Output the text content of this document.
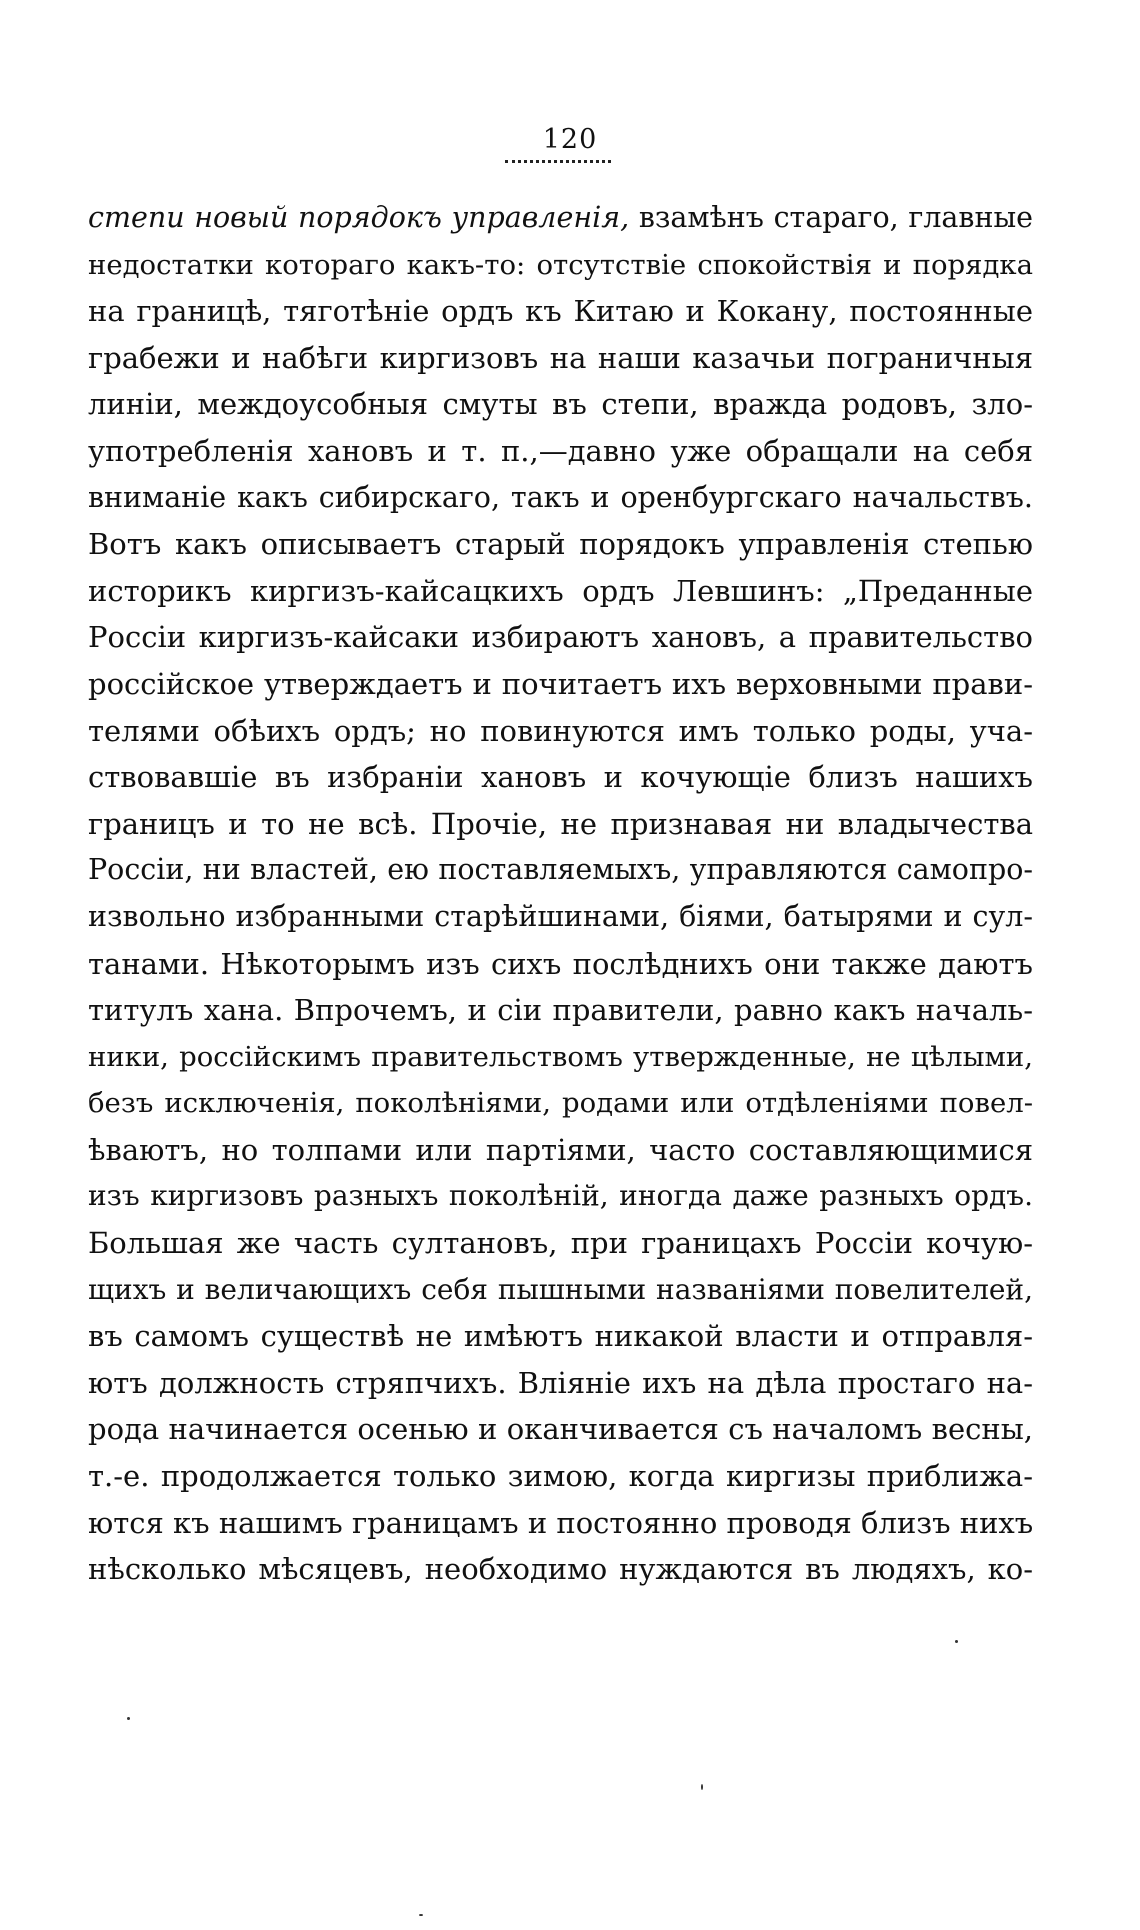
120
степи новый порядокъ управленія, взамѣнъ стараго, главные
недостатки котораго какъ-то: отсутствіе спокойствія и порядка
на границѣ, тяготѣніе ордъ къ Китаю и Кокану, постоянные
грабежи и набѣги киргизовъ на наши казачьи пограничныя
линіи, междоусобныя смуты въ степи, вражда родовъ, зло-
употребленія хановъ и т. п.,—давно уже обращали на себя
вниманіе какъ сибирскаго, такъ и оренбургскаго начальствъ.
Вотъ какъ описываетъ старый порядокъ управленія степью
историкъ киргизъ-кайсацкихъ ордъ Левшинъ: „Преданные
Россіи киргизъ-кайсаки избираютъ хановъ, а правительство
россійское утверждаетъ и почитаетъ ихъ верховными прави-
телями обѣихъ ордъ; но повинуются имъ только роды, уча-
ствовавшіе въ избраніи хановъ и кочующіе близъ нашихъ
границъ и то не всѣ. Прочіе, не признавая ни владычества
Россіи, ни властей, ею поставляемыхъ, управляются самопро-
извольно избранными старѣйшинами, біями, батырями и сул-
танами. Нѣкоторымъ изъ сихъ послѣднихъ они также даютъ
титулъ хана. Впрочемъ, и сіи правители, равно какъ началь-
ники, россійскимъ правительствомъ утвержденные, не цѣлыми,
безъ исключенія, поколѣніями, родами или отдѣленіями повел-
ѣваютъ, но толпами или партіями, часто составляющимися
изъ киргизовъ разныхъ поколѣній, иногда даже разныхъ ордъ.
Большая же часть султановъ, при границахъ Россіи кочую-
щихъ и величающихъ себя пышными названіями повелителей,
въ самомъ существѣ не имѣютъ никакой власти и отправля-
ютъ должность стряпчихъ. Вліяніе ихъ на дѣла простаго на-
рода начинается осенью и оканчивается съ началомъ весны,
т.-е. продолжается только зимою, когда киргизы приближа-
ются къ нашимъ границамъ и постоянно проводя близъ нихъ
нѣсколько мѣсяцевъ, необходимо нуждаются въ людяхъ, ко-
